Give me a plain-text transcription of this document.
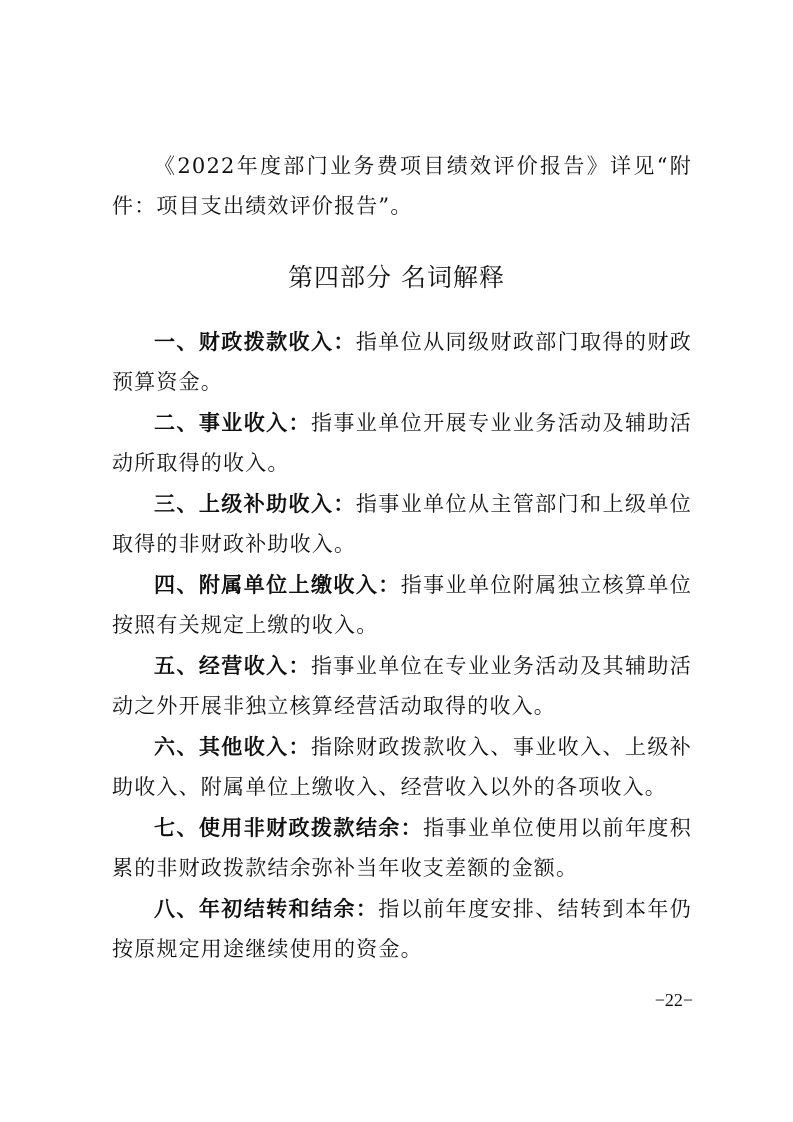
《2022年度部门业务费项目绩效评价报告》详见“附件：项目支出绩效评价报告”。

第四部分 名词解释

一、财政拨款收入：指单位从同级财政部门取得的财政预算资金。

二、事业收入：指事业单位开展专业业务活动及辅助活动所取得的收入。

三、上级补助收入：指事业单位从主管部门和上级单位取得的非财政补助收入。

四、附属单位上缴收入：指事业单位附属独立核算单位按照有关规定上缴的收入。

五、经营收入：指事业单位在专业业务活动及其辅助活动之外开展非独立核算经营活动取得的收入。

六、其他收入：指除财政拨款收入、事业收入、上级补助收入、附属单位上缴收入、经营收入以外的各项收入。

七、使用非财政拨款结余：指事业单位使用以前年度积累的非财政拨款结余弥补当年收支差额的金额。

八、年初结转和结余：指以前年度安排、结转到本年仍按原规定用途继续使用的资金。

−22−
